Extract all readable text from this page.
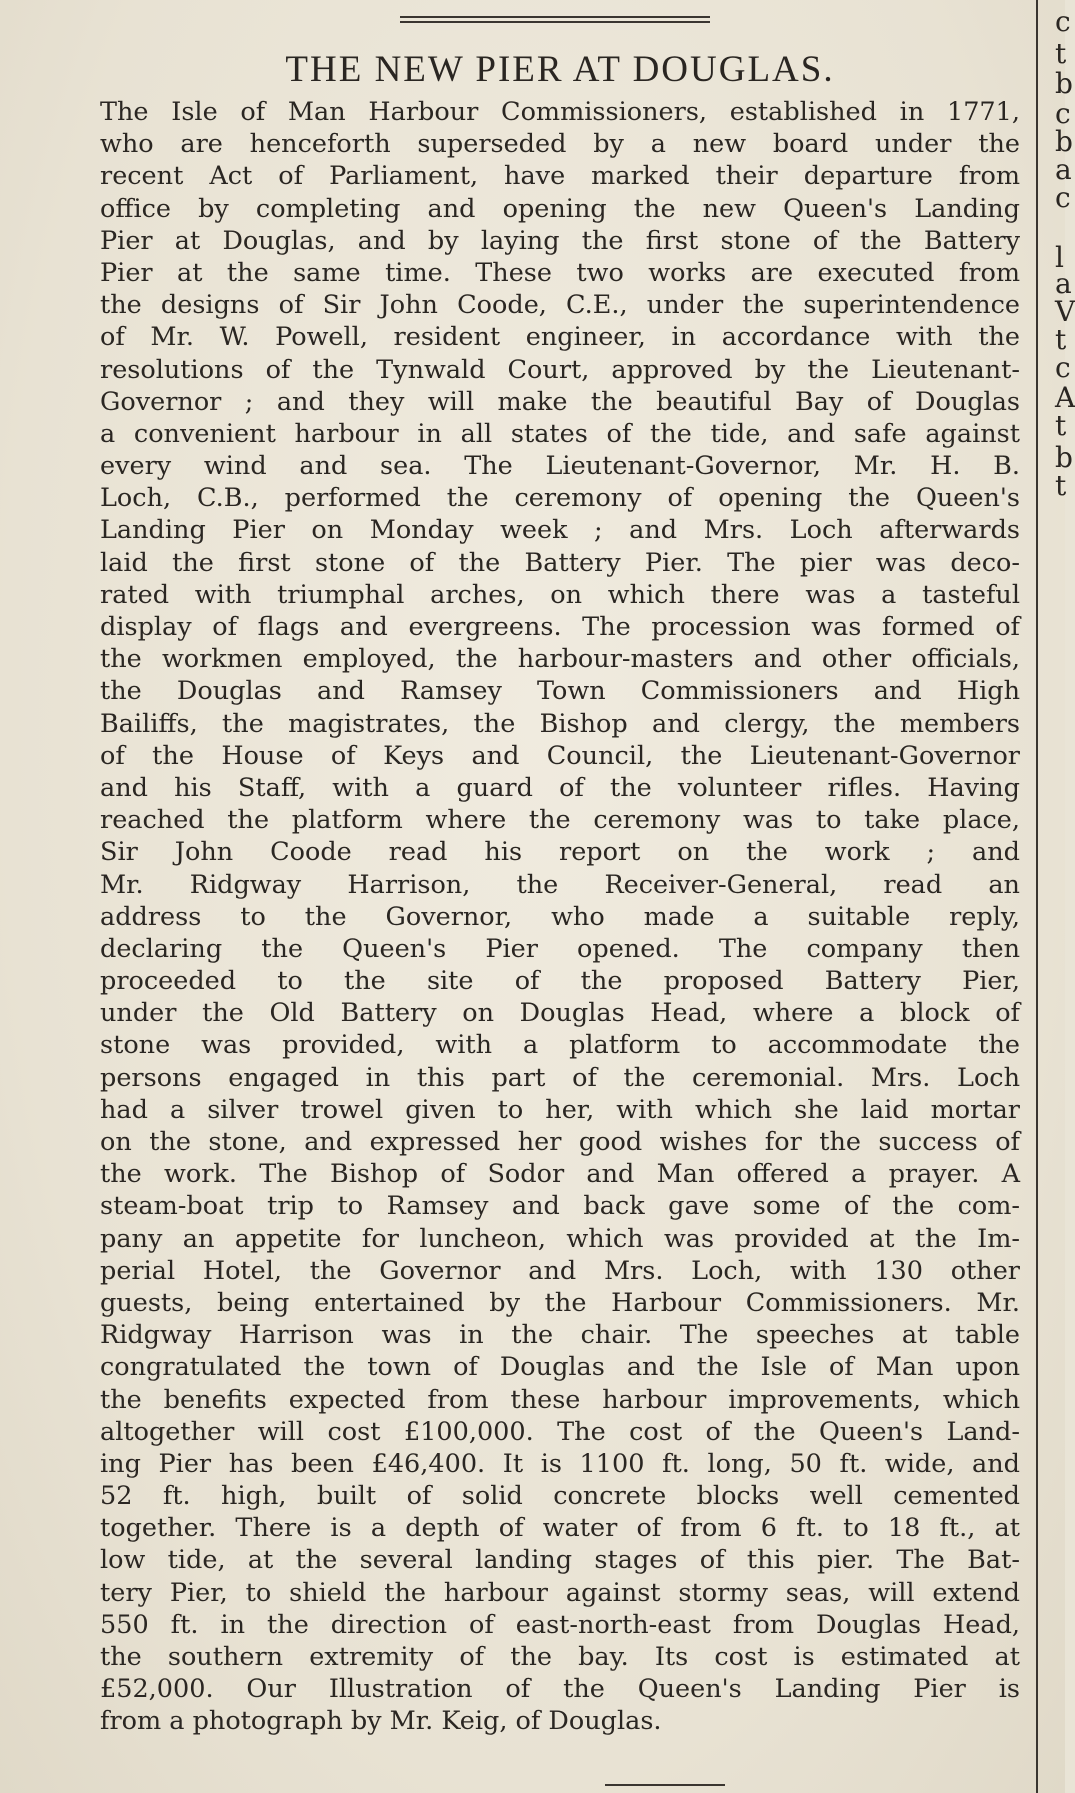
THE NEW PIER AT DOUGLAS.
The Isle of Man Harbour Commissioners, established in 1771,
who are henceforth superseded by a new board under the
recent Act of Parliament, have marked their departure from
office by completing and opening the new Queen's Landing
Pier at Douglas, and by laying the first stone of the Battery
Pier at the same time. These two works are executed from
the designs of Sir John Coode, C.E., under the superintendence
of Mr. W. Powell, resident engineer, in accordance with the
resolutions of the Tynwald Court, approved by the Lieutenant-
Governor ; and they will make the beautiful Bay of Douglas
a convenient harbour in all states of the tide, and safe against
every wind and sea. The Lieutenant-Governor, Mr. H. B.
Loch, C.B., performed the ceremony of opening the Queen's
Landing Pier on Monday week ; and Mrs. Loch afterwards
laid the first stone of the Battery Pier. The pier was deco-
rated with triumphal arches, on which there was a tasteful
display of flags and evergreens. The procession was formed of
the workmen employed, the harbour-masters and other officials,
the Douglas and Ramsey Town Commissioners and High
Bailiffs, the magistrates, the Bishop and clergy, the members
of the House of Keys and Council, the Lieutenant-Governor
and his Staff, with a guard of the volunteer rifles. Having
reached the platform where the ceremony was to take place,
Sir John Coode read his report on the work ; and
Mr. Ridgway Harrison, the Receiver-General, read an
address to the Governor, who made a suitable reply,
declaring the Queen's Pier opened. The company then
proceeded to the site of the proposed Battery Pier,
under the Old Battery on Douglas Head, where a block of
stone was provided, with a platform to accommodate the
persons engaged in this part of the ceremonial. Mrs. Loch
had a silver trowel given to her, with which she laid mortar
on the stone, and expressed her good wishes for the success of
the work. The Bishop of Sodor and Man offered a prayer. A
steam-boat trip to Ramsey and back gave some of the com-
pany an appetite for luncheon, which was provided at the Im-
perial Hotel, the Governor and Mrs. Loch, with 130 other
guests, being entertained by the Harbour Commissioners. Mr.
Ridgway Harrison was in the chair. The speeches at table
congratulated the town of Douglas and the Isle of Man upon
the benefits expected from these harbour improvements, which
altogether will cost £100,000. The cost of the Queen's Land-
ing Pier has been £46,400. It is 1100 ft. long, 50 ft. wide, and
52 ft. high, built of solid concrete blocks well cemented
together. There is a depth of water of from 6 ft. to 18 ft., at
low tide, at the several landing stages of this pier. The Bat-
tery Pier, to shield the harbour against stormy seas, will extend
550 ft. in the direction of east-north-east from Douglas Head,
the southern extremity of the bay. Its cost is estimated at
£52,000. Our Illustration of the Queen's Landing Pier is
from a photograph by Mr. Keig, of Douglas.
c
t
b
c
b
a
c
l
a
V
t
c
A
t
b
t
